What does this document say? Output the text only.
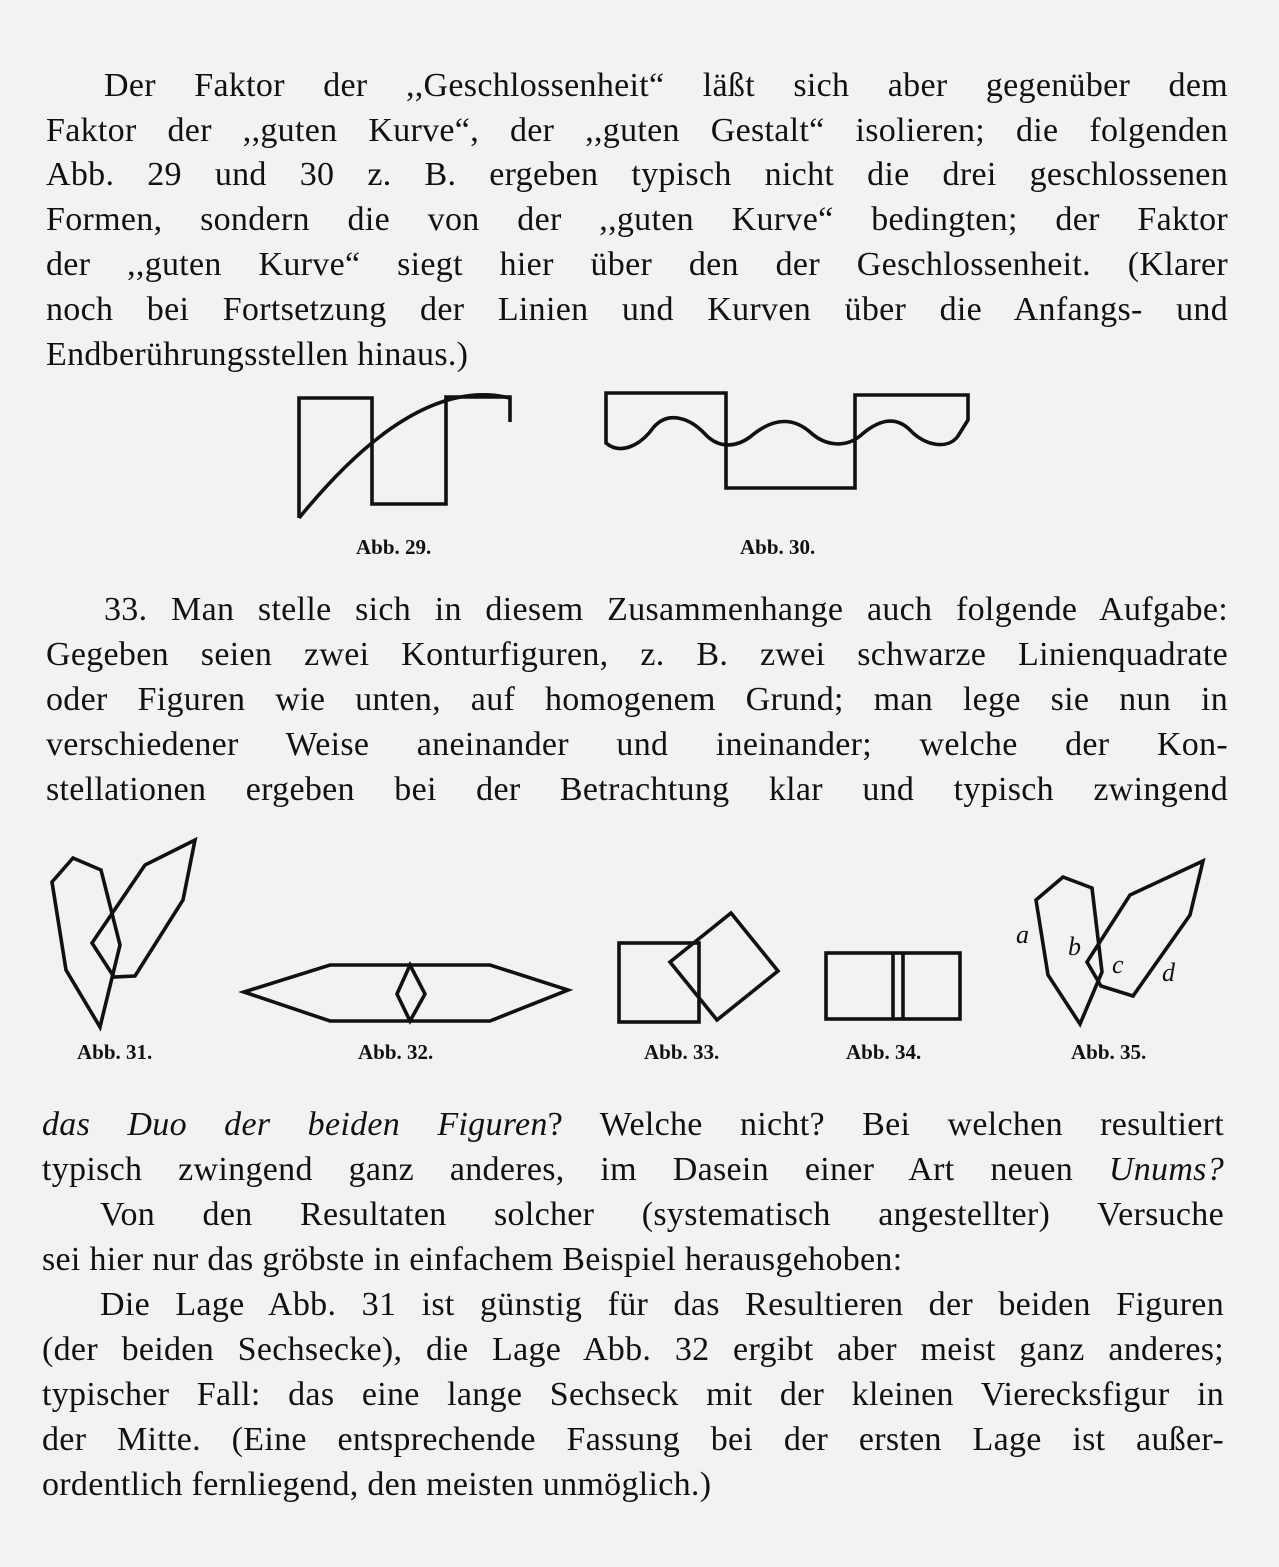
Der Faktor der ,,Geschlossenheit“ läßt sich aber gegenüber dem
Faktor der ,,guten Kurve“, der ,,guten Gestalt“ isolieren; die folgenden
Abb. 29 und 30 z. B. ergeben typisch nicht die drei geschlossenen
Formen, sondern die von der ,,guten Kurve“ bedingten; der Faktor
der ,,guten Kurve“ siegt hier über den der Geschlossenheit. (Klarer
noch bei Fortsetzung der Linien und Kurven über die Anfangs- und
Endberührungsstellen hinaus.)
Abb. 29.	Abb. 30.
33. Man stelle sich in diesem Zusammenhange auch folgende Aufgabe:
Gegeben seien zwei Konturfiguren, z. B. zwei schwarze Linienquadrate
oder Figuren wie unten, auf homogenem Grund; man lege sie nun in
verschiedener Weise aneinander und ineinander; welche der Kon-
stellationen ergeben bei der Betrachtung klar und typisch zwingend
a b
c d
Abb. 31.	Abb. 32.	Abb. 33.	Abb. 34.	Abb. 35.
das Duo der beiden Figuren? Welche nicht? Bei welchen resultiert
typisch zwingend ganz anderes, im Dasein einer Art neuen Unums?
Von den Resultaten solcher (systematisch angestellter) Versuche
sei hier nur das gröbste in einfachem Beispiel herausgehoben:
Die Lage Abb. 31 ist günstig für das Resultieren der beiden Figuren
(der beiden Sechsecke), die Lage Abb. 32 ergibt aber meist ganz anderes;
typischer Fall: das eine lange Sechseck mit der kleinen Vierecksfigur in
der Mitte. (Eine entsprechende Fassung bei der ersten Lage ist außer-
ordentlich fernliegend, den meisten unmöglich.)
